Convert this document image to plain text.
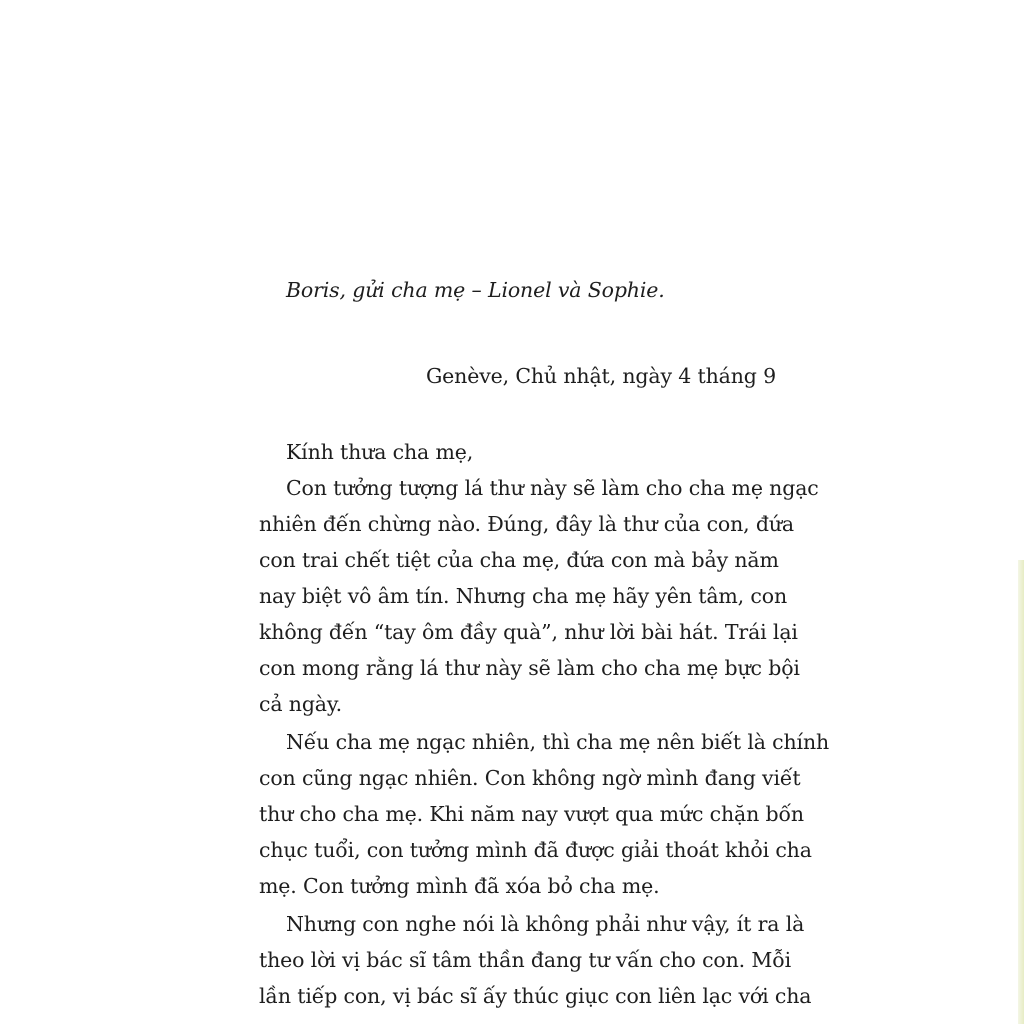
Boris, gửi cha mẹ – Lionel và Sophie.
Genève, Chủ nhật, ngày 4 tháng 9
Kính thưa cha mẹ,
Con tưởng tượng lá thư này sẽ làm cho cha mẹ ngạc
nhiên đến chừng nào. Đúng, đây là thư của con, đứa
con trai chết tiệt của cha mẹ, đứa con mà bảy năm
nay biệt vô âm tín. Nhưng cha mẹ hãy yên tâm, con
không đến “tay ôm đầy quà”, như lời bài hát. Trái lại
con mong rằng lá thư này sẽ làm cho cha mẹ bực bội
cả ngày.
Nếu cha mẹ ngạc nhiên, thì cha mẹ nên biết là chính
con cũng ngạc nhiên. Con không ngờ mình đang viết
thư cho cha mẹ. Khi năm nay vượt qua mức chặn bốn
chục tuổi, con tưởng mình đã được giải thoát khỏi cha
mẹ. Con tưởng mình đã xóa bỏ cha mẹ.
Nhưng con nghe nói là không phải như vậy, ít ra là
theo lời vị bác sĩ tâm thần đang tư vấn cho con. Mỗi
lần tiếp con, vị bác sĩ ấy thúc giục con liên lạc với cha
